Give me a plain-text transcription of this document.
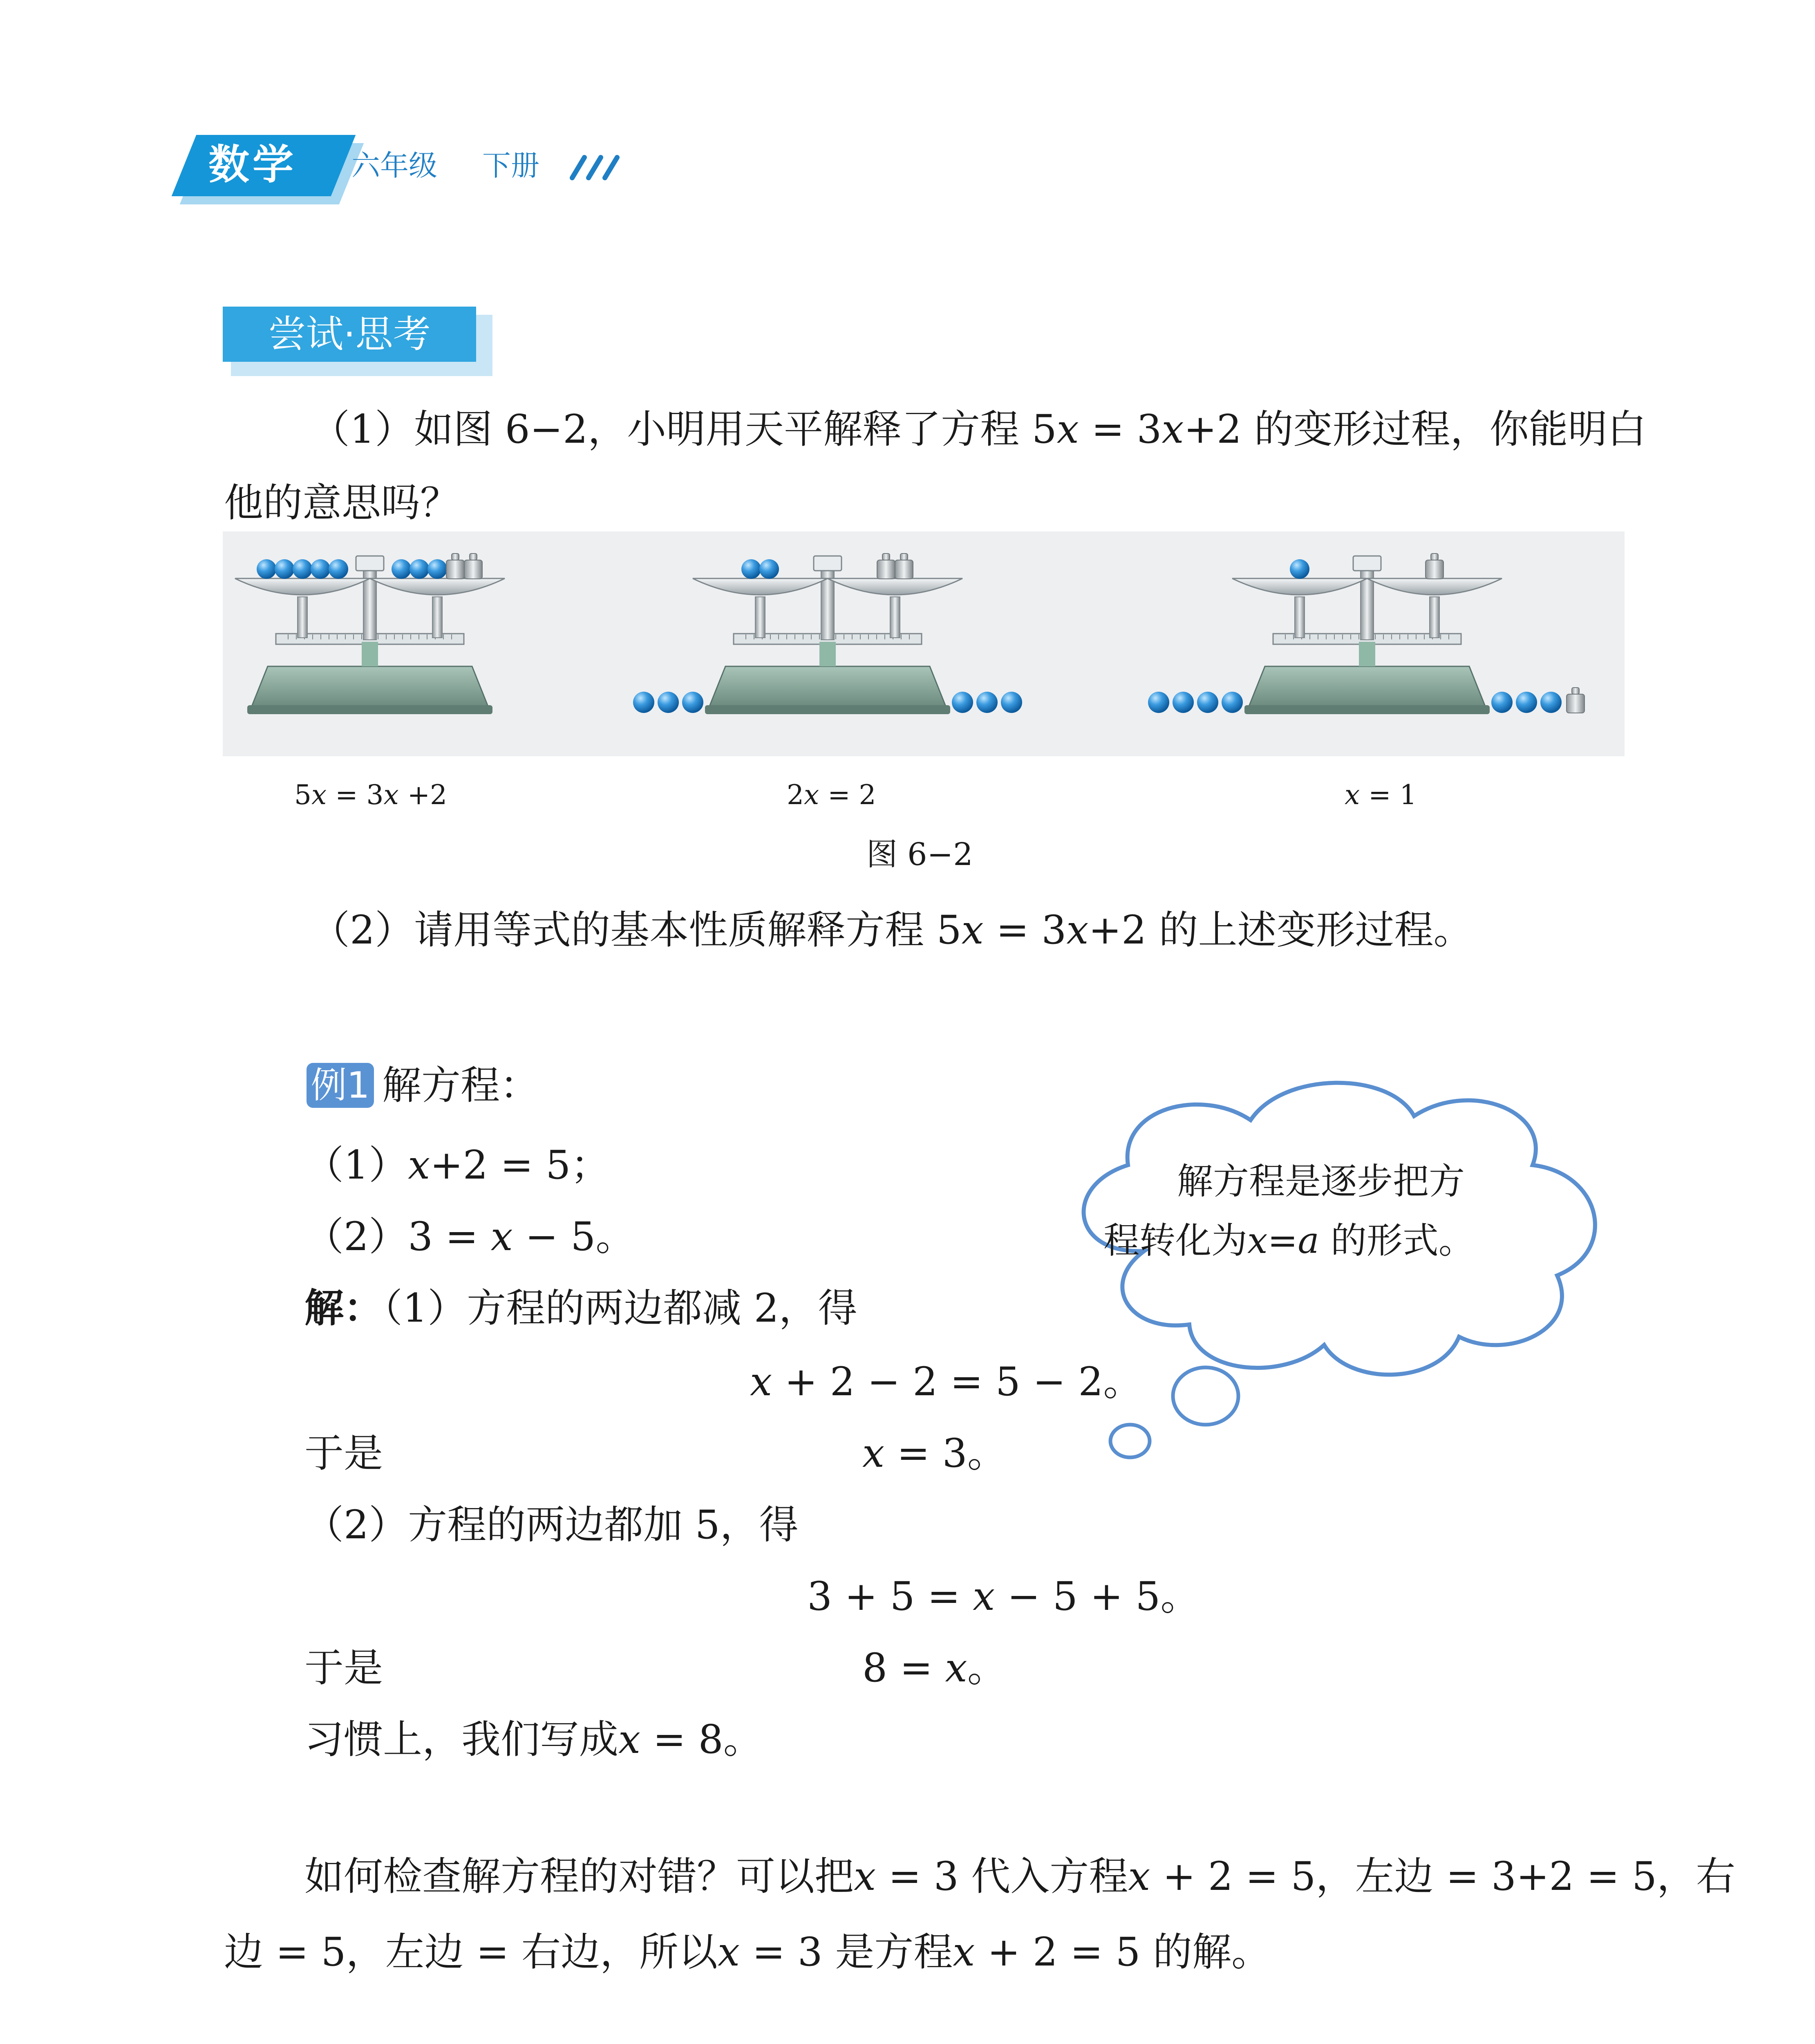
数学	六年级 下册
尝试·思考
（1）如图 6−2，小明用天平解释了方程 5x = 3x+2 的变形过程，你能明白
他的意思吗？
5x = 3x +2	2x = 2	x = 1
图 6−2
（2）请用等式的基本性质解释方程 5x = 3x+2 的上述变形过程。
例1 解方程：
（1）x+2 = 5；
（2）3 = x − 5。
解：（1）方程的两边都减 2，得
x + 2 − 2 = 5 − 2。
于是	x = 3。
（2）方程的两边都加 5，得
3 + 5 = x − 5 + 5。
于是	8 = x。
习惯上，我们写成x = 8。
解方程是逐步把方
程转化为x=a 的形式。
如何检查解方程的对错？可以把x = 3 代入方程x + 2 = 5，左边 = 3+2 = 5，右
边 = 5，左边 = 右边，所以x = 3 是方程x + 2 = 5 的解。
